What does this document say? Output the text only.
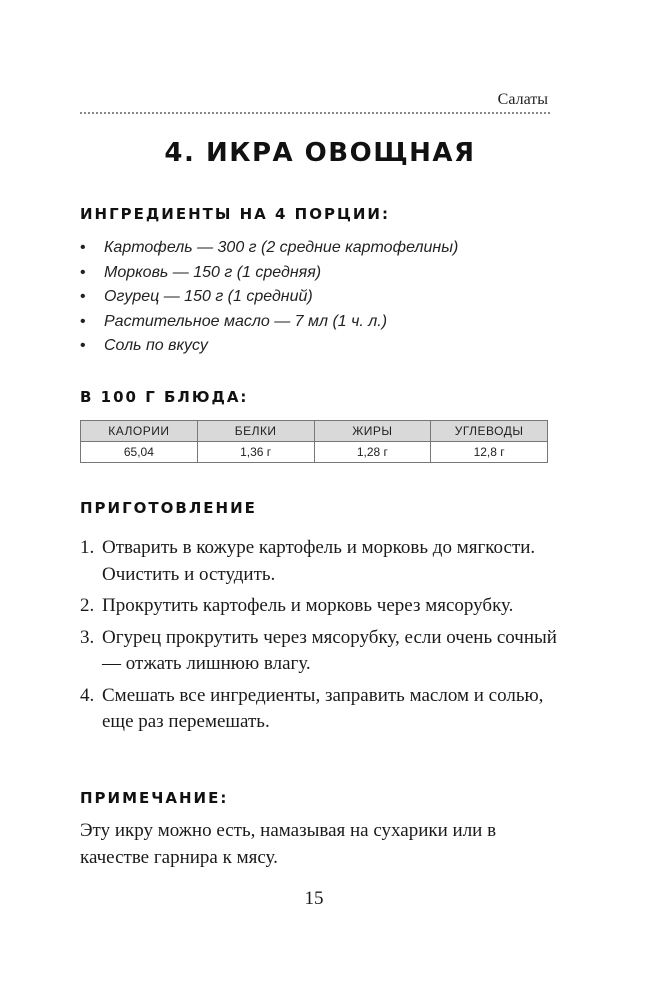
Салаты
4. ИКРА ОВОЩНАЯ
ИНГРЕДИЕНТЫ НА 4 ПОРЦИИ:
• Картофель — 300 г (2 средние картофелины)
• Морковь — 150 г (1 средняя)
• Огурец — 150 г (1 средний)
• Растительное масло — 7 мл (1 ч. л.)
• Соль по вкусу
В 100 Г БЛЮДА:
КАЛОРИИ	БЕЛКИ	ЖИРЫ	УГЛЕВОДЫ
65,04	1,36 г	1,28 г	12,8 г
ПРИГОТОВЛЕНИЕ
1. Отварить в кожуре картофель и морковь до мягкости. Очистить и остудить.
2. Прокрутить картофель и морковь через мясорубку.
3. Огурец прокрутить через мясорубку, если очень сочный — отжать лишнюю влагу.
4. Смешать все ингредиенты, заправить маслом и солью, еще раз перемешать.
ПРИМЕЧАНИЕ:

Эту икру можно есть, намазывая на сухарики или в качестве гарнира к мясу.

15
